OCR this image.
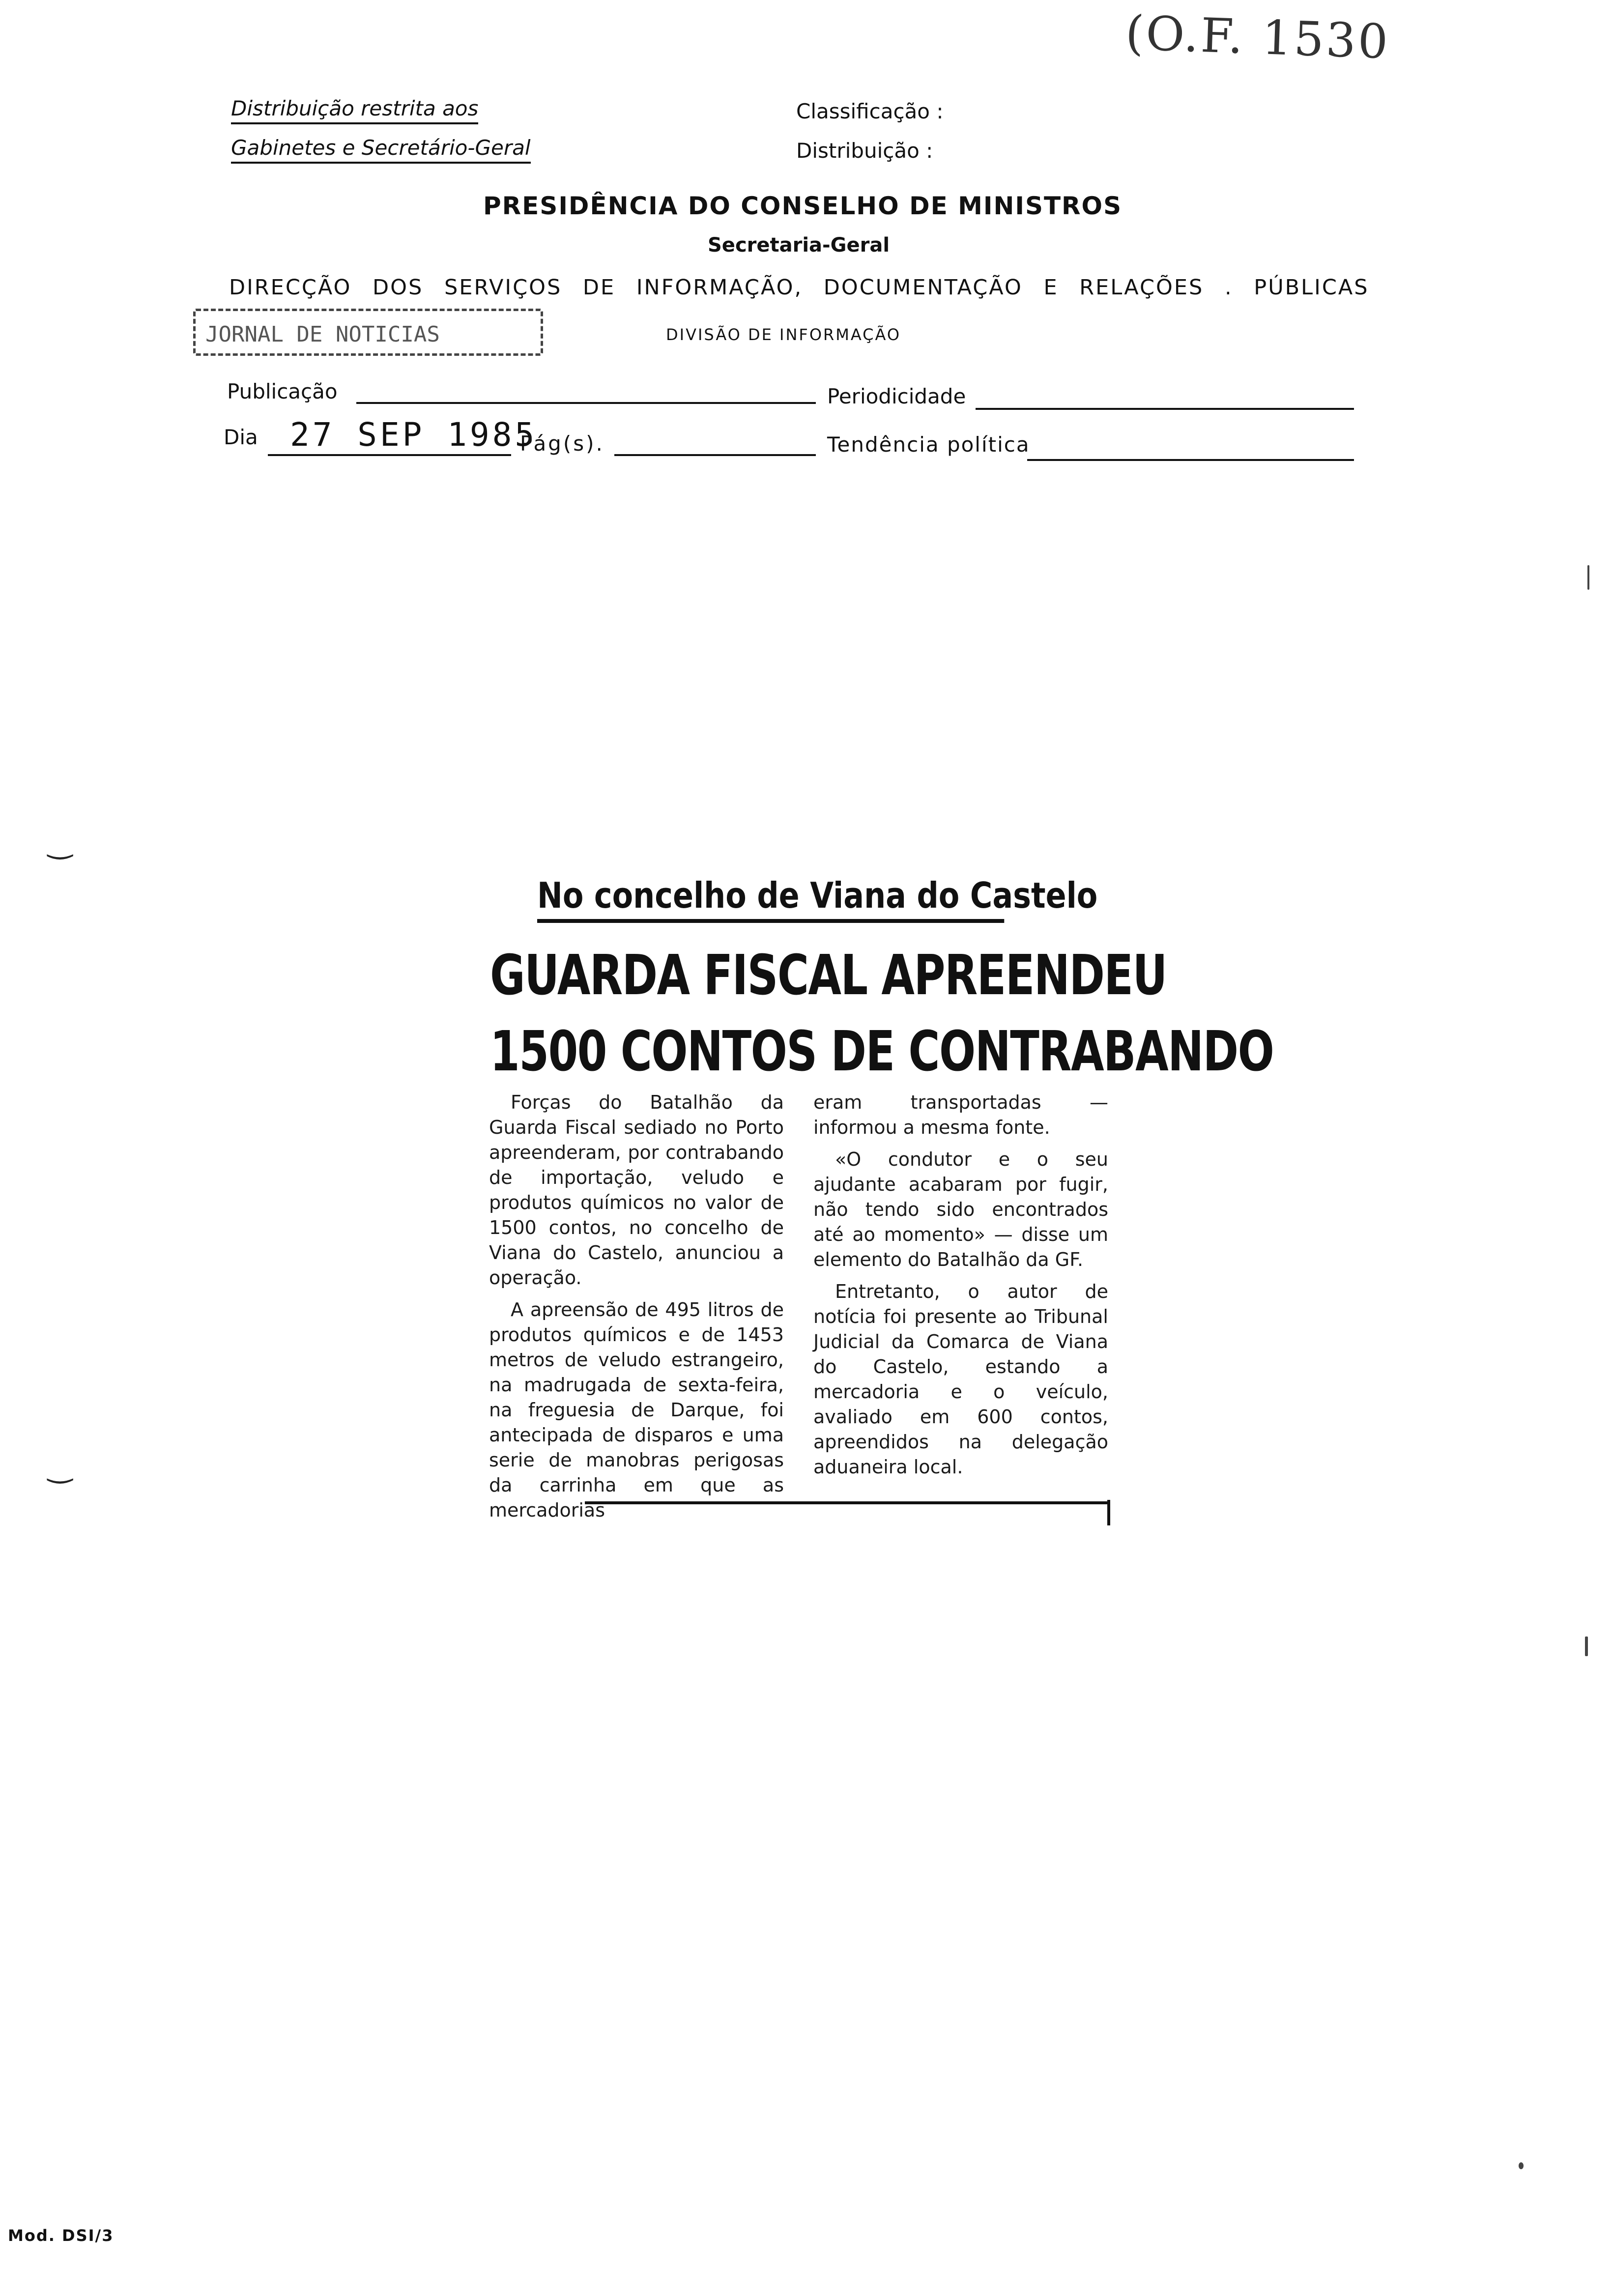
(O.F. 1530
Distribuição restrita aos
Gabinetes e Secretário-Geral
Classificação :
Distribuição :
PRESIDÊNCIA DO CONSELHO DE MINISTROS
Secretaria-Geral
DIRECÇÃO DOS SERVIÇOS DE INFORMAÇÃO, DOCUMENTAÇÃO E RELAÇÕES . PÚBLICAS
DIVISÃO DE INFORMAÇÃO
JORNAL DE NOTICIAS
Publicação	Periodicidade
Dia 27 SEP 1985
Pág(s).	Tendência política
‿
‿
No concelho de Viana do Castelo
GUARDA FISCAL APREENDEU
1500 CONTOS DE CONTRABANDO

Forças do Batalhão da Guarda Fiscal sediado no Porto apreenderam, por contrabando de importação, veludo e produtos químicos no valor de 1500 contos, no concelho de Viana do Castelo, anunciou a operação.

A apreensão de 495 litros de produtos químicos e de 1453 metros de veludo estrangeiro, na madrugada de sexta-feira, na freguesia de Darque, foi antecipada de disparos e uma serie de manobras perigosas da carrinha em que as mercadorias

eram transportadas — informou a mesma fonte.

«O condutor e o seu ajudante acabaram por fugir, não tendo sido encontrados até ao momento» — disse um elemento do Batalhão da GF.

Entretanto, o autor de notícia foi presente ao Tribunal Judicial da Comarca de Viana do Castelo, estando a mercadoria e o veículo, avaliado em 600 contos, apreendidos na delegação aduaneira local.

Mod. DSI/3
